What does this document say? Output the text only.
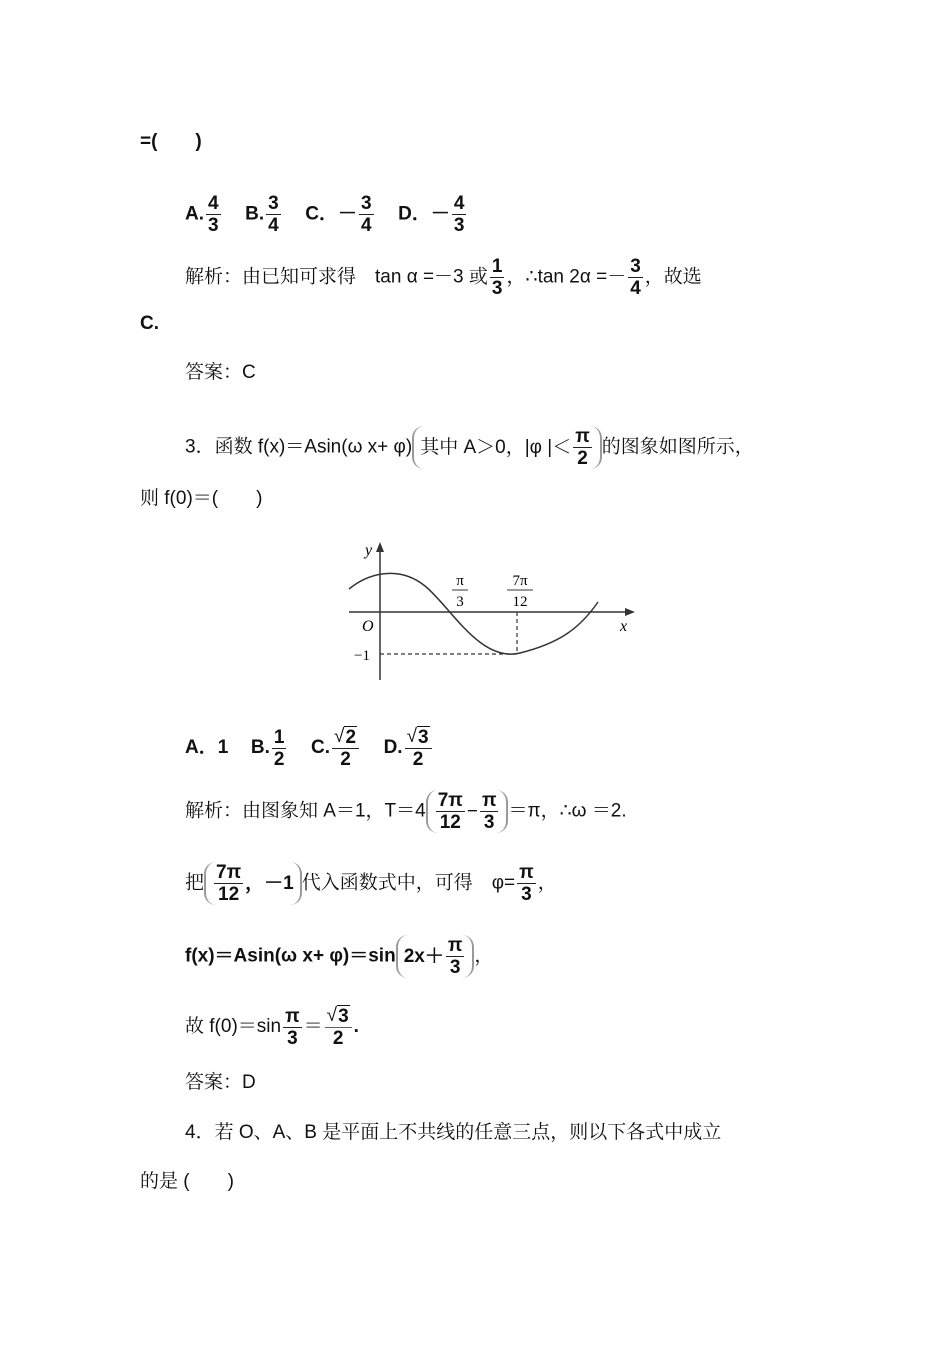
=(　　)
A. $\frac{4}{3} B$. $\frac{3}{4}$ C．－ $\frac{3}{4}$ D．－ $\frac{4}{3}$
解析：由已知可求得　tan α =－3 或 $\frac{1}{3}$ ，∴tan $2\alpha =- \frac{3}{4}$ ，故选
C.
答案：C
3．函数 f(x)＝Asin(ω x+ φ) 其中 A＞0，|φ |＜ $\frac{\pi}{2}$ 的图象如图所示，
则 f(0)＝(　　)
y
x
O
−1
π
3
7π
12
A．1 B. $\frac{1}{2} C$. $\frac{√ 2}{2} D$. $\frac{√ 3}{2}$
解析：由图象知 A＝1，$T=4 \frac{7\pi}{12} - \frac{\pi}{3} =\pi$，∴ω ＝2.
把 $\frac{7\pi}{12}$ ，－1 代入函数式中，可得　$\varphi= \frac{\pi}{3}$ ，
f(x)＝Asin(ω x+ φ)＝sin $2x+ \frac{\pi}{3}$ ，
故 $f(0)=\sin \frac{\pi}{3} = \frac{√ 3}{2}$ .
答案：D
4．若 O、A、B 是平面上不共线的任意三点，则以下各式中成立
的是 (　　)
